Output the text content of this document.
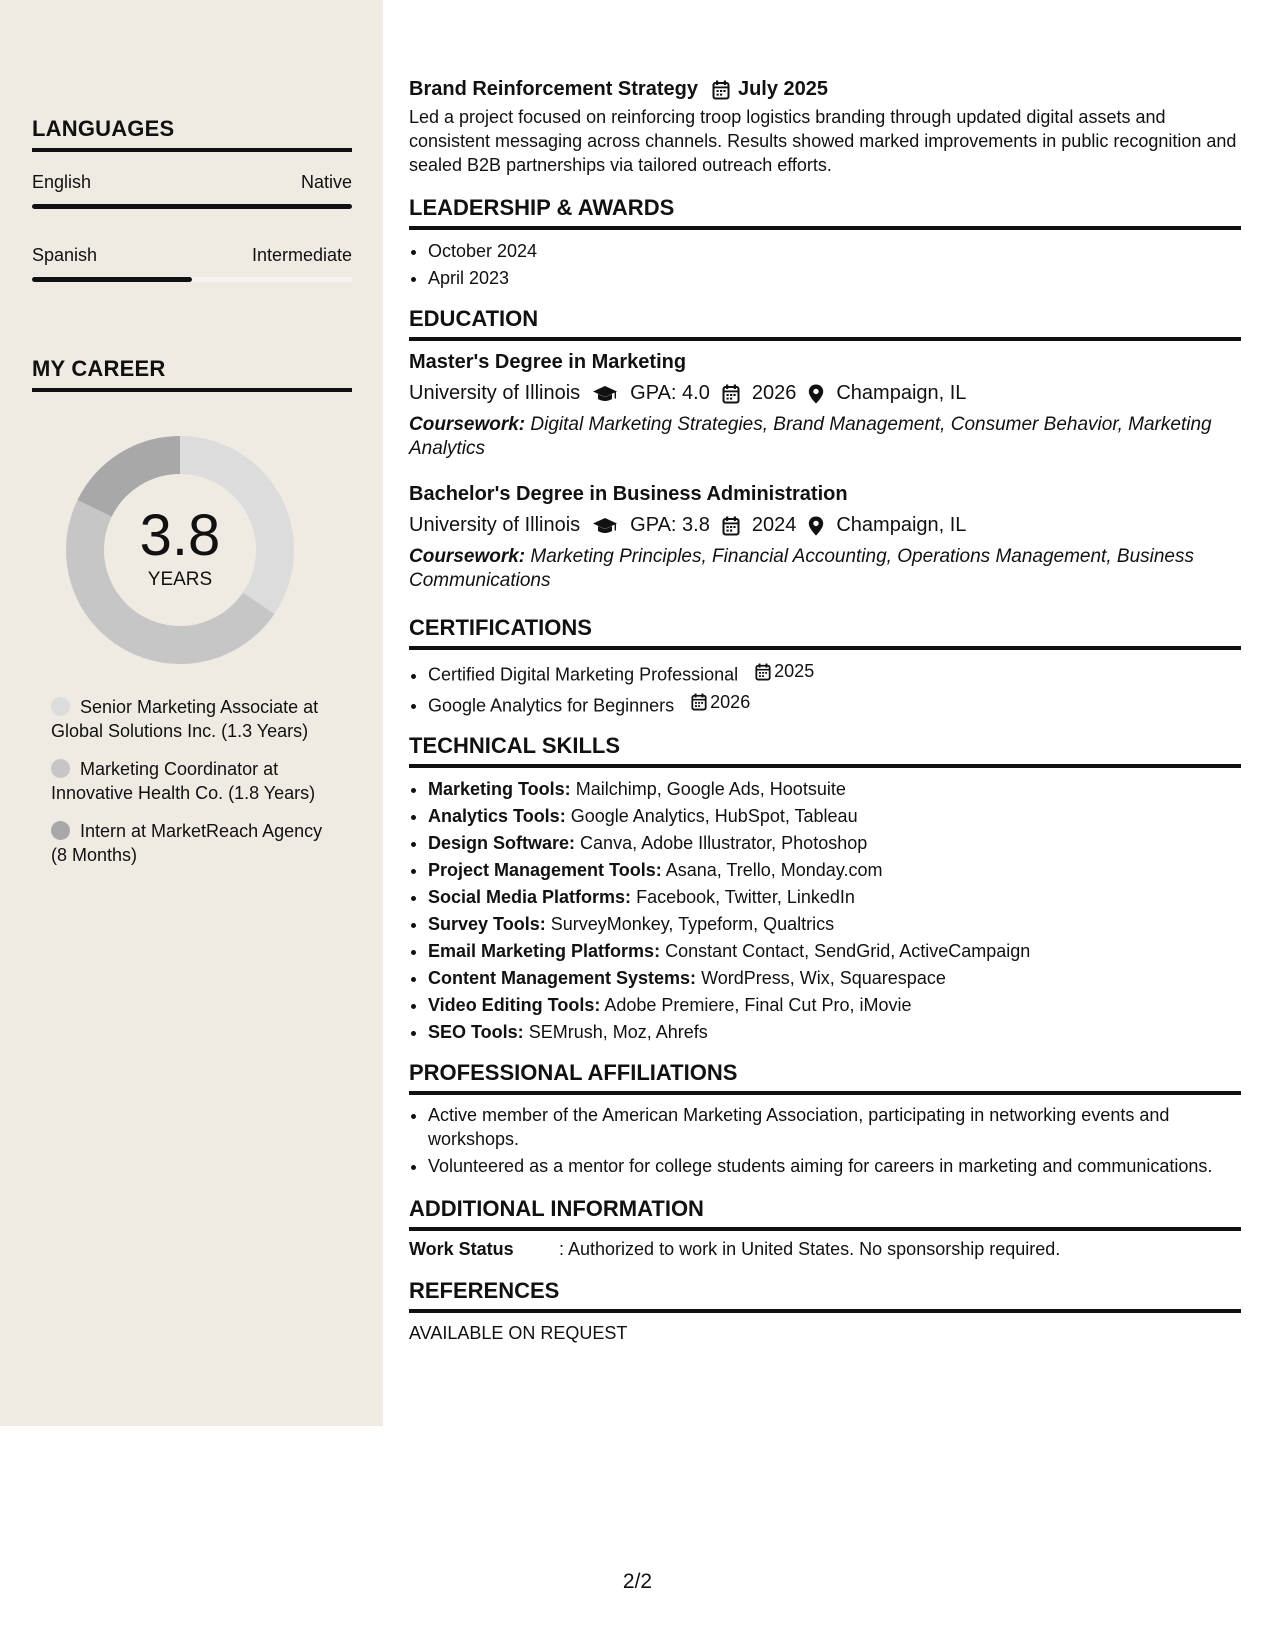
LANGUAGES
English	Native
Spanish	Intermediate
MY CAREER
3.8
YEARS
Senior Marketing Associate at Global Solutions Inc. (1.3 Years)
Marketing Coordinator at Innovative Health Co. (1.8 Years)
Intern at MarketReach Agency (8 Months)
Brand Reinforcement Strategy July 2025
Led a project focused on reinforcing troop logistics branding through updated digital assets and consistent messaging across channels. Results showed marked improvements in public recognition and sealed B2B partnerships via tailored outreach efforts.
LEADERSHIP & AWARDS
• October 2024
• April 2023
EDUCATION
Master's Degree in Marketing
University of Illinois	GPA: 4.0 2026 Champaign, IL
Coursework: Digital Marketing Strategies, Brand Management, Consumer Behavior, Marketing Analytics
Bachelor's Degree in Business Administration
University of Illinois	GPA: 3.8 2024 Champaign, IL
Coursework: Marketing Principles, Financial Accounting, Operations Management, Business Communications
CERTIFICATIONS
• Certified Digital Marketing Professional 2025
• Google Analytics for Beginners 2026
TECHNICAL SKILLS
• Marketing Tools: Mailchimp, Google Ads, Hootsuite
• Analytics Tools: Google Analytics, HubSpot, Tableau
• Design Software: Canva, Adobe Illustrator, Photoshop
• Project Management Tools: Asana, Trello, Monday.com
• Social Media Platforms: Facebook, Twitter, LinkedIn
• Survey Tools: SurveyMonkey, Typeform, Qualtrics
• Email Marketing Platforms: Constant Contact, SendGrid, ActiveCampaign
• Content Management Systems: WordPress, Wix, Squarespace
• Video Editing Tools: Adobe Premiere, Final Cut Pro, iMovie
• SEO Tools: SEMrush, Moz, Ahrefs
PROFESSIONAL AFFILIATIONS
• Active member of the American Marketing Association, participating in networking events and workshops.
• Volunteered as a mentor for college students aiming for careers in marketing and communications.
ADDITIONAL INFORMATION
Work Status	: Authorized to work in United States. No sponsorship required.
REFERENCES
AVAILABLE ON REQUEST
2/2
